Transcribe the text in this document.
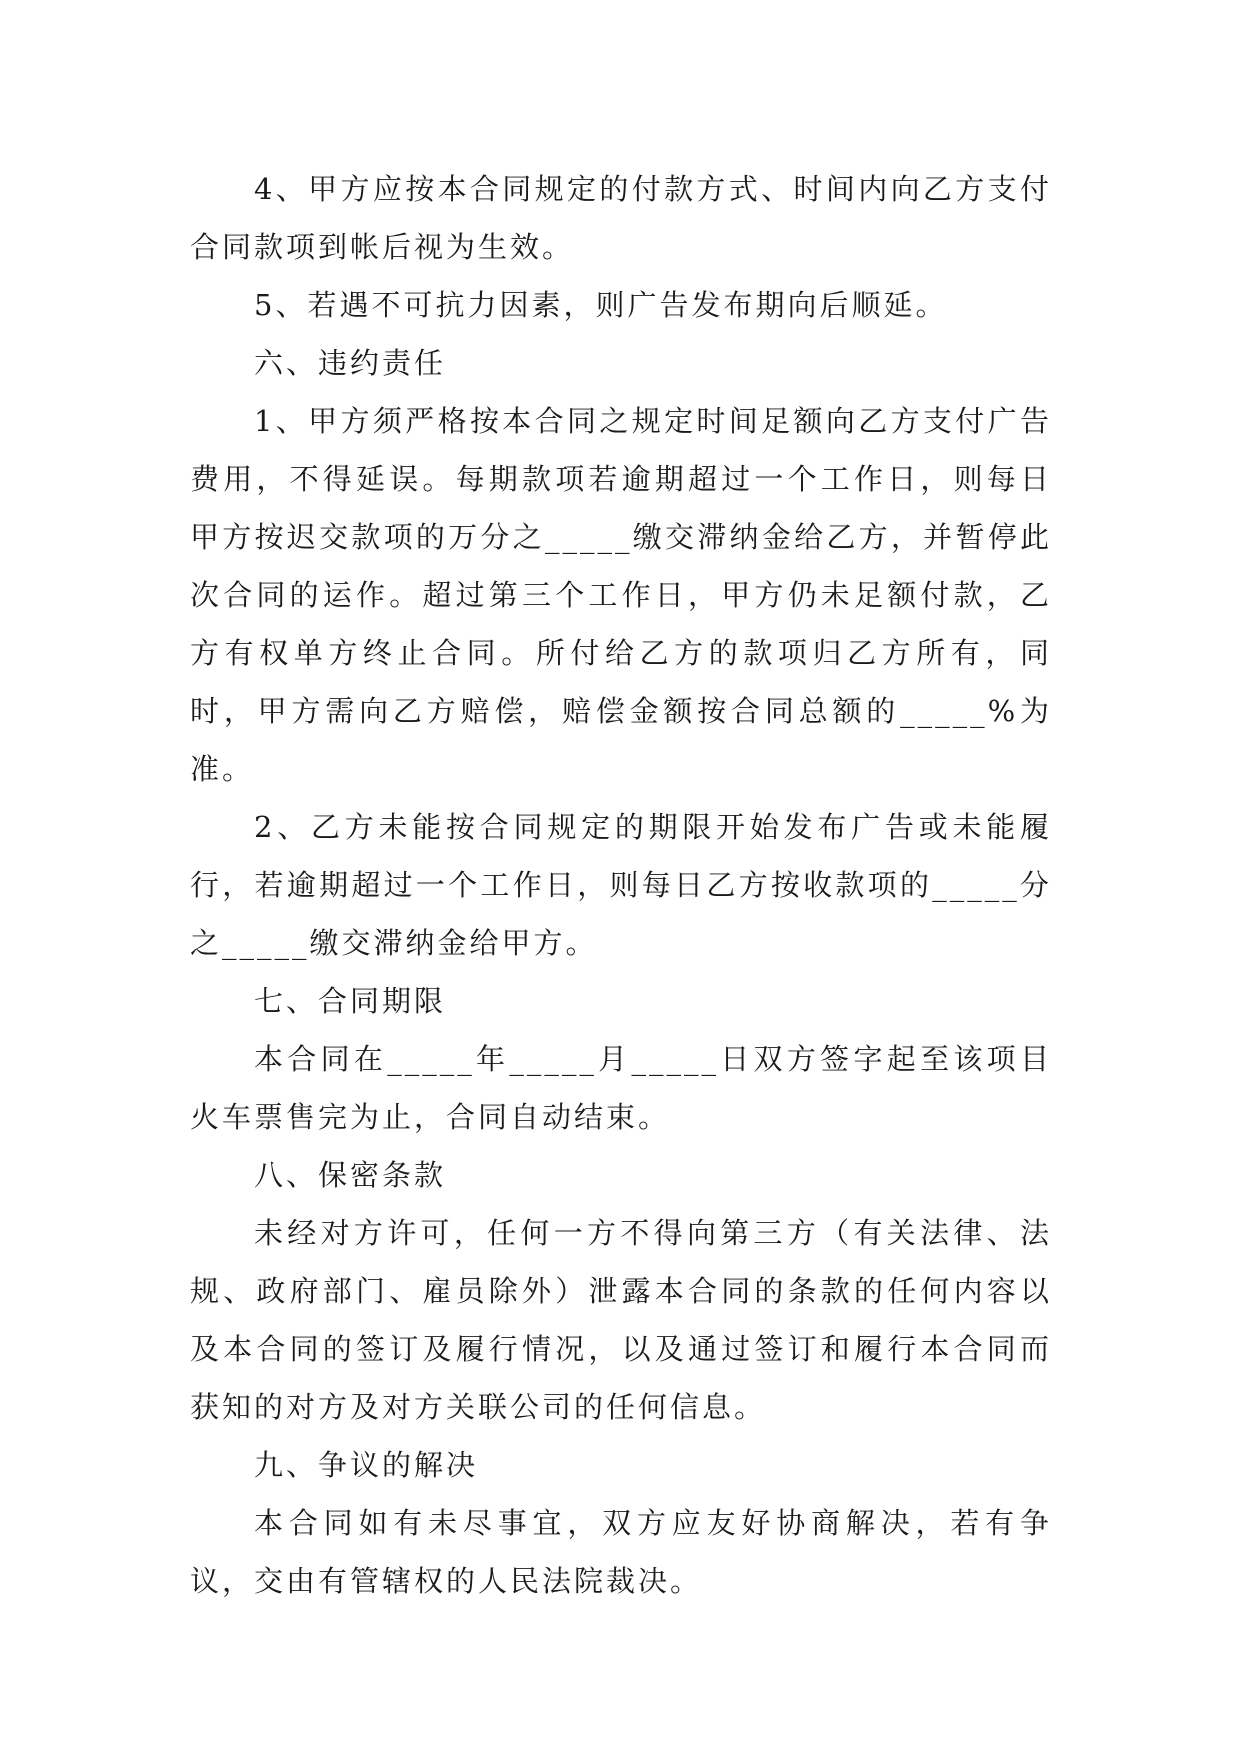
4、甲方应按本合同规定的付款方式、时间内向乙方支付合同款项到帐后视为生效。

5、若遇不可抗力因素，则广告发布期向后顺延。

六、违约责任

1、甲方须严格按本合同之规定时间足额向乙方支付广告费用，不得延误。每期款项若逾期超过一个工作日，则每日甲方按迟交款项的万分之_____缴交滞纳金给乙方，并暂停此次合同的运作。超过第三个工作日，甲方仍未足额付款，乙方有权单方终止合同。所付给乙方的款项归乙方所有，同时，甲方需向乙方赔偿，赔偿金额按合同总额的_____%为准。

2、乙方未能按合同规定的期限开始发布广告或未能履行，若逾期超过一个工作日，则每日乙方按收款项的_____分之_____缴交滞纳金给甲方。

七、合同期限

本合同在_____年_____月_____日双方签字起至该项目火车票售完为止，合同自动结束。

八、保密条款

未经对方许可，任何一方不得向第三方（有关法律、法规、政府部门、雇员除外）泄露本合同的条款的任何内容以及本合同的签订及履行情况，以及通过签订和履行本合同而获知的对方及对方关联公司的任何信息。

九、争议的解决

本合同如有未尽事宜，双方应友好协商解决，若有争议，交由有管辖权的人民法院裁决。
